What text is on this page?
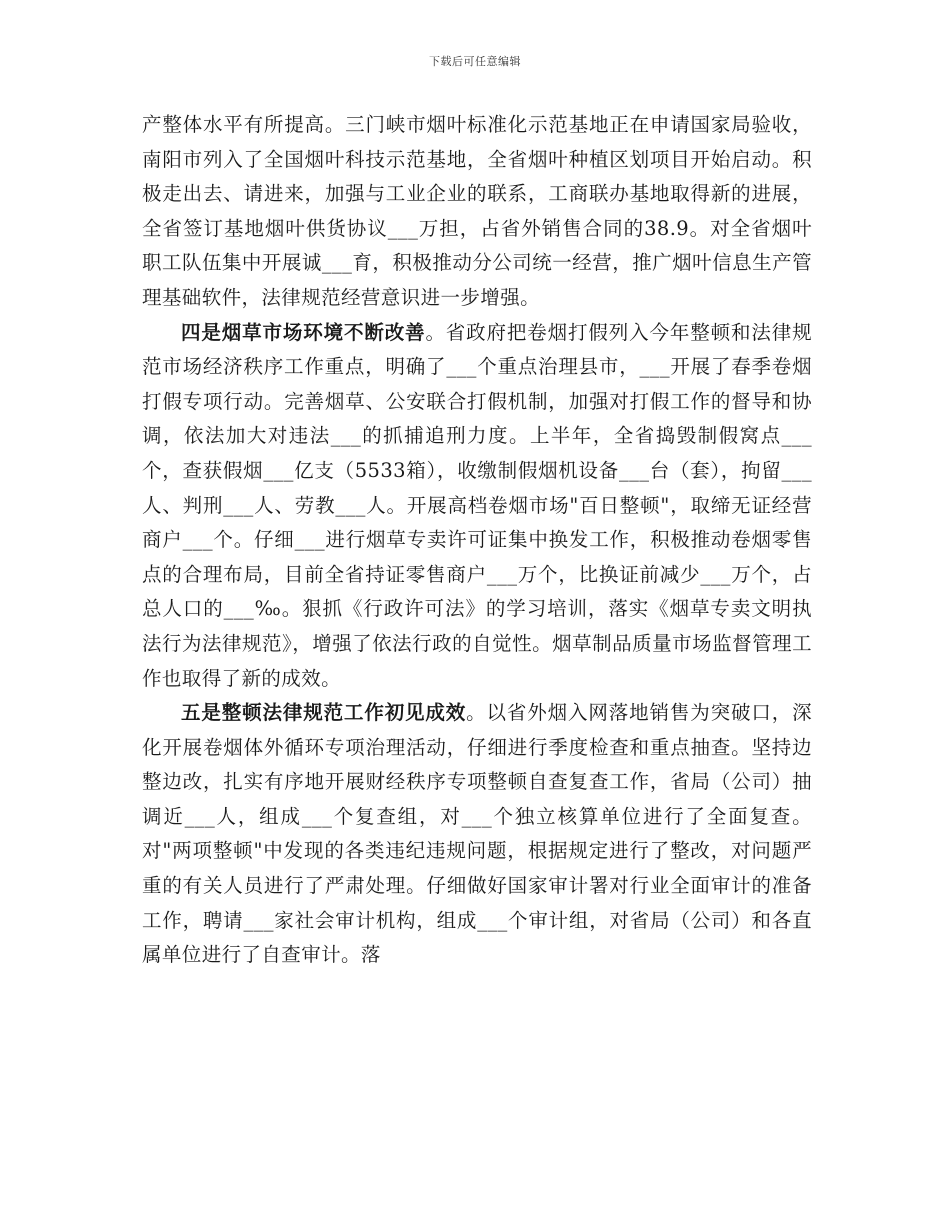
下载后可任意编辑

产整体水平有所提高。三门峡市烟叶标准化示范基地正在申请国家局验收，南阳市列入了全国烟叶科技示范基地，全省烟叶种植区划项目开始启动。积极走出去、请进来，加强与工业企业的联系，工商联办基地取得新的进展，全省签订基地烟叶供货协议___万担，占省外销售合同的38.9。对全省烟叶职工队伍集中开展诚___育，积极推动分公司统一经营，推广烟叶信息生产管理基础软件，法律规范经营意识进一步增强。

四是烟草市场环境不断改善。省政府把卷烟打假列入今年整顿和法律规范市场经济秩序工作重点，明确了___个重点治理县市，___开展了春季卷烟打假专项行动。完善烟草、公安联合打假机制，加强对打假工作的督导和协调，依法加大对违法___的抓捕追刑力度。上半年，全省捣毁制假窝点___个，查获假烟___亿支（5533箱），收缴制假烟机设备___台（套），拘留___人、判刑___人、劳教___人。开展高档卷烟市场"百日整顿"，取缔无证经营商户___个。仔细___进行烟草专卖许可证集中换发工作，积极推动卷烟零售点的合理布局，目前全省持证零售商户___万个，比换证前减少___万个，占总人口的___‰。狠抓《行政许可法》的学习培训，落实《烟草专卖文明执法行为法律规范》，增强了依法行政的自觉性。烟草制品质量市场监督管理工作也取得了新的成效。

五是整顿法律规范工作初见成效。以省外烟入网落地销售为突破口，深化开展卷烟体外循环专项治理活动，仔细进行季度检查和重点抽查。坚持边整边改，扎实有序地开展财经秩序专项整顿自查复查工作，省局（公司）抽调近___人，组成___个复查组，对___个独立核算单位进行了全面复查。对"两项整顿"中发现的各类违纪违规问题，根据规定进行了整改，对问题严重的有关人员进行了严肃处理。仔细做好国家审计署对行业全面审计的准备工作，聘请___家社会审计机构，组成___个审计组，对省局（公司）和各直属单位进行了自查审计。落
